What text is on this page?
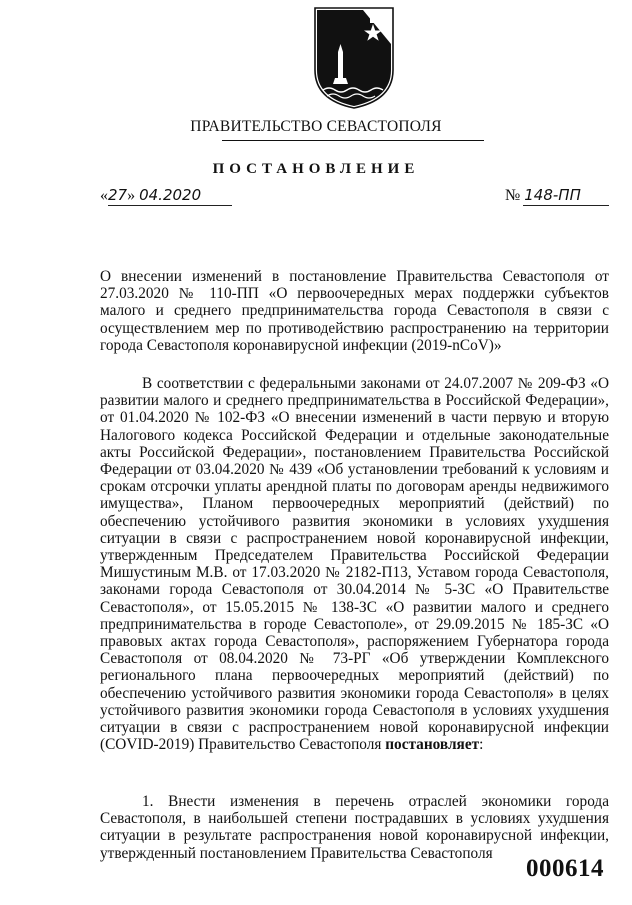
ПРАВИТЕЛЬСТВО СЕВАСТОПОЛЯ
ПОСТАНОВЛЕНИЕ
«27» 04.2020	№ 148-ПП
О внесении изменений в постановление Правительства Севастополя от 27.03.2020 № 110-ПП «О первоочередных мерах поддержки субъектов малого и среднего предпринимательства города Севастополя в связи с осуществлением мер по противодействию распространению на территории города Севастополя коронавирусной инфекции (2019-nCoV)»
В соответствии с федеральными законами от 24.07.2007 № 209-ФЗ «О развитии малого и среднего предпринимательства в Российской Федерации», от 01.04.2020 № 102-ФЗ «О внесении изменений в части первую и вторую Налогового кодекса Российской Федерации и отдельные законодательные акты Российской Федерации», постановлением Правительства Российской Федерации от 03.04.2020 № 439 «Об установлении требований к условиям и срокам отсрочки уплаты арендной платы по договорам аренды недвижимого имущества», Планом первоочередных мероприятий (действий) по обеспечению устойчивого развития экономики в условиях ухудшения ситуации в связи с распространением новой коронавирусной инфекции, утвержденным Председателем Правительства Российской Федерации Мишустиным М.В. от 17.03.2020 № 2182-П13, Уставом города Севастополя, законами города Севастополя от 30.04.2014 № 5-ЗС «О Правительстве Севастополя», от 15.05.2015 № 138-ЗС «О развитии малого и среднего предпринимательства в городе Севастополе», от 29.09.2015 № 185-ЗС «О правовых актах города Севастополя», распоряжением Губернатора города Севастополя от 08.04.2020 № 73-РГ «Об утверждении Комплексного регионального плана первоочередных мероприятий (действий) по обеспечению устойчивого развития экономики города Севастополя» в целях устойчивого развития экономики города Севастополя в условиях ухудшения ситуации в связи с распространением новой коронавирусной инфекции (COVID-2019) Правительство Севастополя постановляет:
1. Внести изменения в перечень отраслей экономики города Севастополя, в наибольшей степени пострадавших в условиях ухудшения ситуации в результате распространения новой коронавирусной инфекции, утвержденный постановлением Правительства Севастополя
000614
